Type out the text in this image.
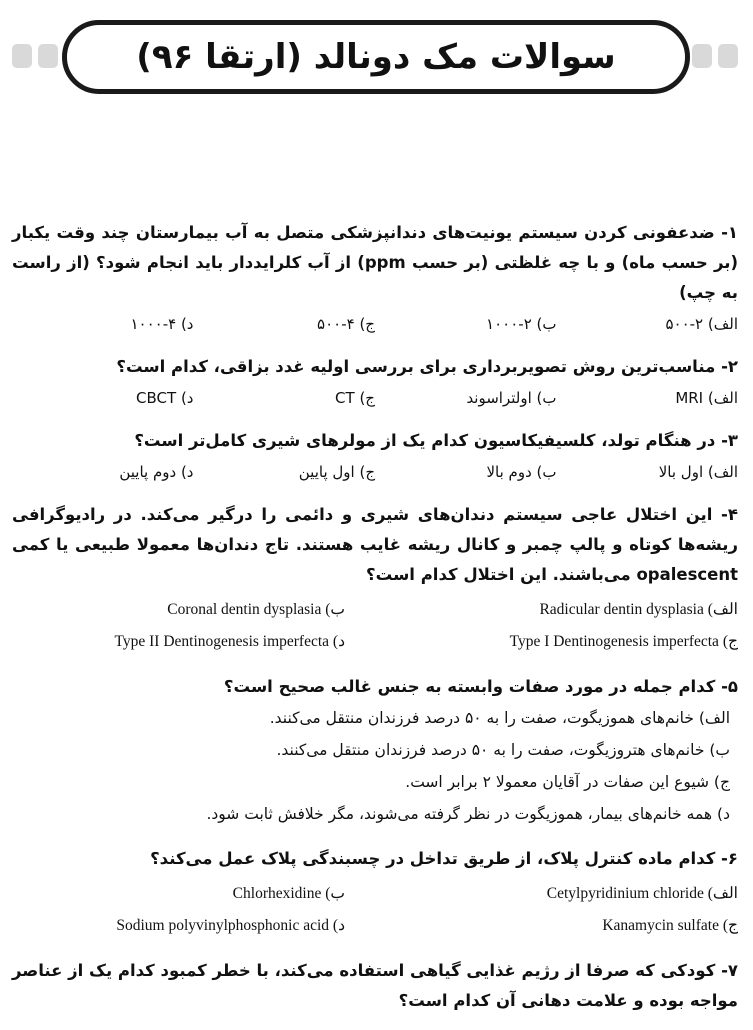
سوالات مک دونالد (ارتقا ۹۶)
۱- ضدعفونی کردن سیستم یونیت‌های دندانپزشکی متصل به آب بیمارستان چند وقت یکبار (بر حسب ماه) و با چه غلظتی (بر حسب ppm) از آب کلرایددار باید انجام شود؟ (از راست به چپ)
الف) ۲-۵۰۰
ب) ۲-۱۰۰۰
ج) ۴-۵۰۰
د) ۴-۱۰۰۰
۲- مناسب‌ترین روش تصویربرداری برای بررسی اولیه غدد بزاقی، کدام است؟
الف) MRI
ب) اولتراسوند
ج) CT
د) CBCT
۳- در هنگام تولد، کلسیفیکاسیون کدام یک از مولرهای شیری کامل‌تر است؟
الف) اول بالا
ب) دوم بالا
ج) اول پایین
د) دوم پایین
۴- این اختلال عاجی سیستم دندان‌های شیری و دائمی را درگیر می‌کند. در رادیوگرافی ریشه‌ها کوتاه و پالپ چمبر و کانال ریشه غایب هستند. تاج دندان‌ها معمولا طبیعی یا کمی opalescent می‌باشند. این اختلال کدام است؟
الف) Radicular dentin dysplasia
ب) Coronal dentin dysplasia
ج) Type I Dentinogenesis imperfecta
د) Type II Dentinogenesis imperfecta
۵- کدام جمله در مورد صفات وابسته به جنس غالب صحیح است؟
الف) خانم‌های هموزیگوت، صفت را به ۵۰ درصد فرزندان منتقل می‌کنند.
ب) خانم‌های هتروزیگوت، صفت را به ۵۰ درصد فرزندان منتقل می‌کنند.
ج) شیوع این صفات در آقایان معمولا ۲ برابر است.
د) همه خانم‌های بیمار، هموزیگوت در نظر گرفته می‌شوند، مگر خلافش ثابت شود.
۶- کدام ماده کنترل پلاک، از طریق تداخل در چسبندگی پلاک عمل می‌کند؟
الف) Cetylpyridinium chloride
ب) Chlorhexidine
ج) Kanamycin sulfate
د) Sodium polyvinylphosphonic acid
۷- کودکی که صرفا از رژیم غذایی گیاهی استفاده می‌کند، با خطر کمبود کدام یک از عناصر مواجه بوده و علامت دهانی آن کدام است؟
